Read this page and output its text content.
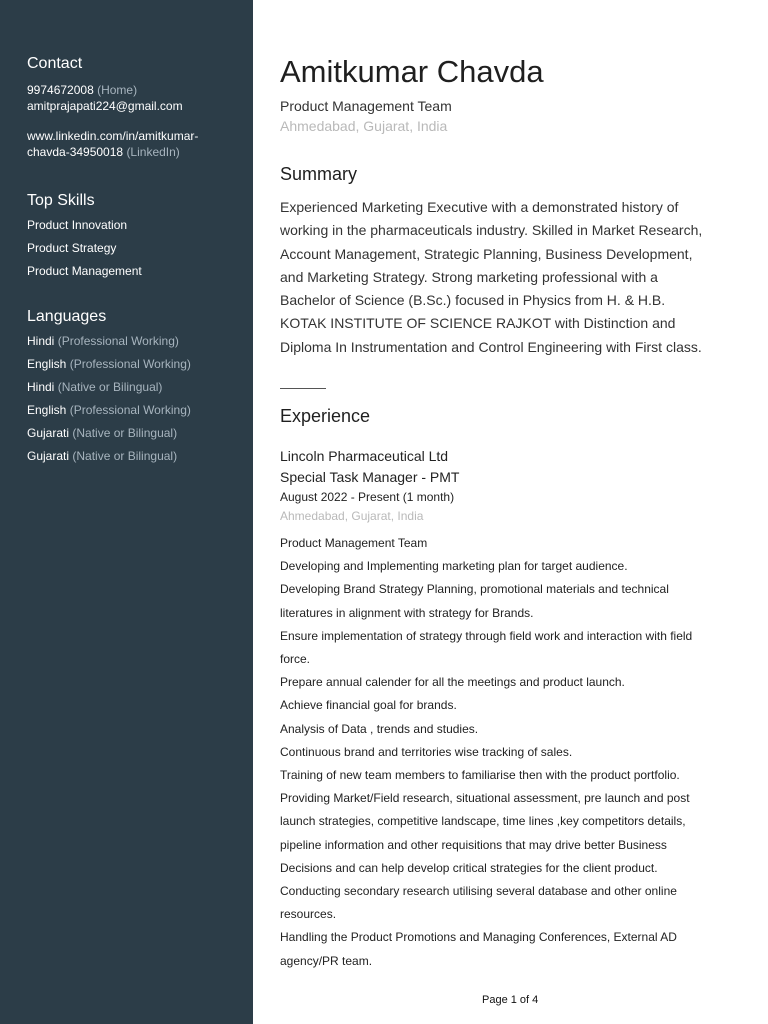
Contact
9974672008 (Home)
amitprajapati224@gmail.com
www.linkedin.com/in/amitkumar-
chavda-34950018 (LinkedIn)
Top Skills
Product Innovation
Product Strategy
Product Management
Languages
Hindi (Professional Working)
English (Professional Working)
Hindi (Native or Bilingual)
English (Professional Working)
Gujarati (Native or Bilingual)
Gujarati (Native or Bilingual)
Amitkumar Chavda
Product Management Team
Ahmedabad, Gujarat, India
Summary
Experienced Marketing Executive with a demonstrated history of
working in the pharmaceuticals industry. Skilled in Market Research,
Account Management, Strategic Planning, Business Development,
and Marketing Strategy. Strong marketing professional with a
Bachelor of Science (B.Sc.) focused in Physics from H. & H.B.
KOTAK INSTITUTE OF SCIENCE RAJKOT with Distinction and
Diploma In Instrumentation and Control Engineering with First class.
Experience
Lincoln Pharmaceutical Ltd
Special Task Manager - PMT
August 2022 - Present (1 month)
Ahmedabad, Gujarat, India
Product Management Team
Developing and Implementing marketing plan for target audience.
Developing Brand Strategy Planning, promotional materials and technical
literatures in alignment with strategy for Brands.
Ensure implementation of strategy through field work and interaction with field
force.
Prepare annual calender for all the meetings and product launch.
Achieve financial goal for brands.
Analysis of Data , trends and studies.
Continuous brand and territories wise tracking of sales.
Training of new team members to familiarise then with the product portfolio.
Providing Market/Field research, situational assessment, pre launch and post
launch strategies, competitive landscape, time lines ,key competitors details,
pipeline information and other requisitions that may drive better Business
Decisions and can help develop critical strategies for the client product.
Conducting secondary research utilising several database and other online
resources.
Handling the Product Promotions and Managing Conferences, External AD
agency/PR team.
Page 1 of 4
